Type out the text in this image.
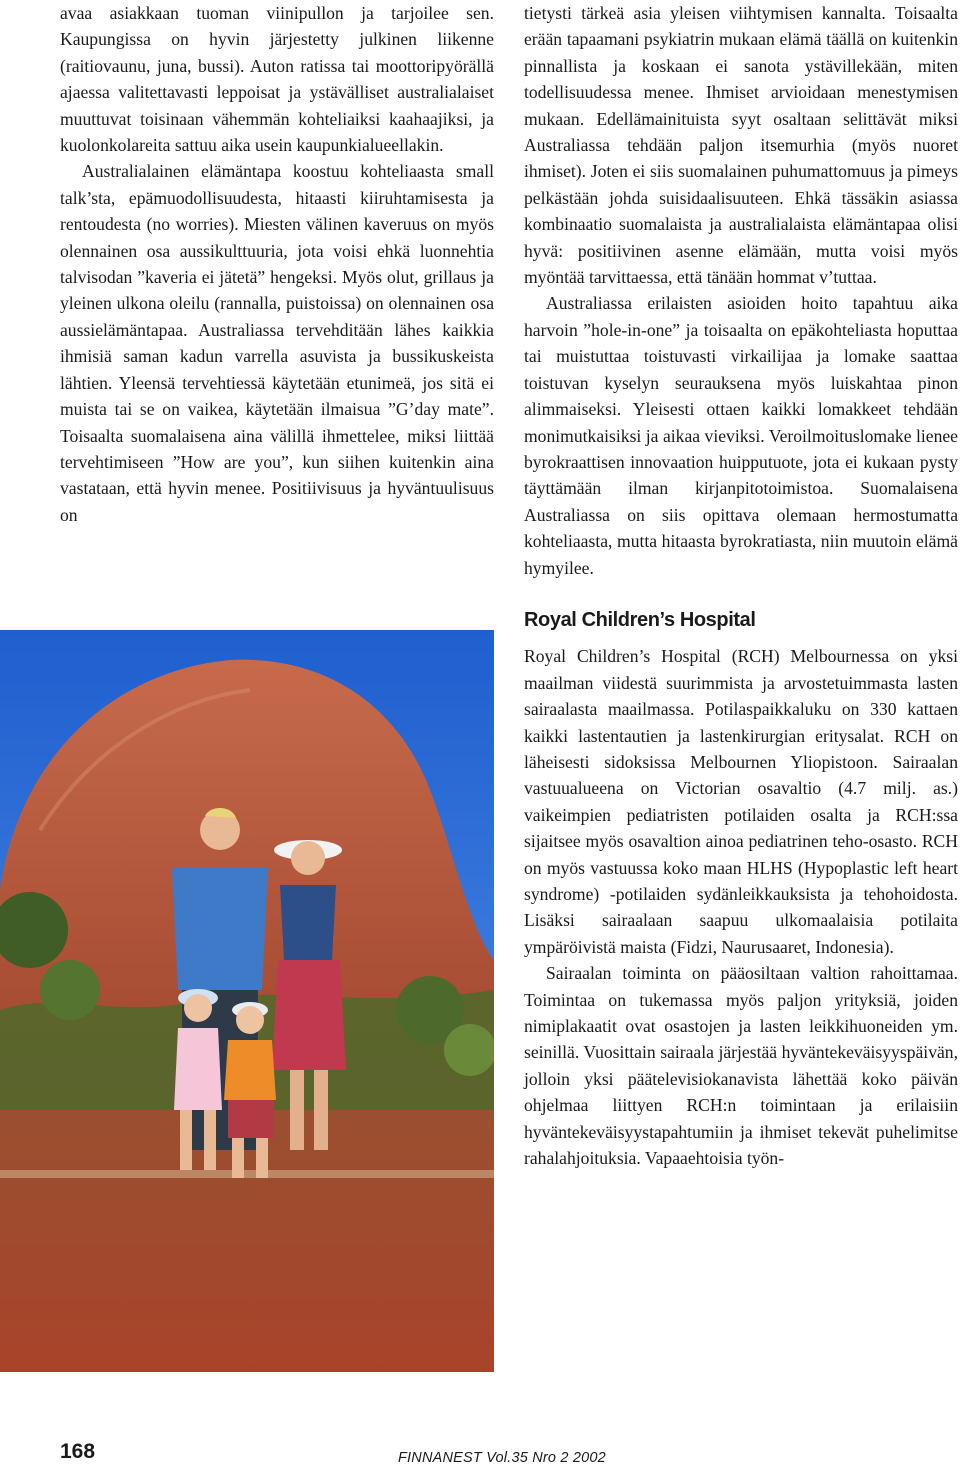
avaa asiakkaan tuoman viinipullon ja tarjoilee sen. Kaupungissa on hyvin järjestetty julkinen liikenne (raitiovaunu, juna, bussi). Auton ratissa tai moottoripyörällä ajaessa valitettavasti leppoisat ja ystävälliset australialaiset muuttuvat toisinaan vähemmän kohteliaiksi kaahaajiksi, ja kuolonkolareita sattuu aika usein kaupunkialueellakin.

Australialainen elämäntapa koostuu kohteliaasta small talk’sta, epämuodollisuudesta, hitaasti kiiruhtamisesta ja rentoudesta (no worries). Miesten välinen kaveruus on myös olennainen osa aussikulttuuria, jota voisi ehkä luonnehtia talvisodan ”kaveria ei jätetä” hengeksi. Myös olut, grillaus ja yleinen ulkona oleilu (rannalla, puistoissa) on olennainen osa aussielämäntapaa. Australiassa tervehditään lähes kaikkia ihmisiä saman kadun varrella asuvista ja bussikuskeista lähtien. Yleensä tervehtiessä käytetään etunimeä, jos sitä ei muista tai se on vaikea, käytetään ilmaisua ”G’day mate”. Toisaalta suomalaisena aina välillä ihmettelee, miksi liittää tervehtimiseen ”How are you”, kun siihen kuitenkin aina vastataan, että hyvin menee. Positiivisuus ja hyväntuulisuus on

tietysti tärkeä asia yleisen viihtymisen kannalta. Toisaalta erään tapaamani psykiatrin mukaan elämä täällä on kuitenkin pinnallista ja koskaan ei sanota ystävillekään, miten todellisuudessa menee. Ihmiset arvioidaan menestymisen mukaan. Edellämainituista syyt osaltaan selittävät miksi Australiassa tehdään paljon itsemurhia (myös nuoret ihmiset). Joten ei siis suomalainen puhumattomuus ja pimeys pelkästään johda suisidaalisuuteen. Ehkä tässäkin asiassa kombinaatio suomalaista ja australialaista elämäntapaa olisi hyvä: positiivinen asenne elämään, mutta voisi myös myöntää tarvittaessa, että tänään hommat v’tuttaa.

Australiassa erilaisten asioiden hoito tapahtuu aika harvoin ”hole-in-one” ja toisaalta on epäkohteliasta hoputtaa tai muistuttaa toistuvasti virkailijaa ja lomake saattaa toistuvan kyselyn seurauksena myös luiskahtaa pinon alimmaiseksi. Yleisesti ottaen kaikki lomakkeet tehdään monimutkaisiksi ja aikaa vieviksi. Veroilmoituslomake lienee byrokraattisen innovaation huipputuote, jota ei kukaan pysty täyttämään ilman kirjanpitotoimistoa. Suomalaisena Australiassa on siis opittava olemaan hermostumatta kohteliaasta, mutta hitaasta byrokratiasta, niin muutoin elämä hymyilee.

Royal Children’s Hospital

Royal Children’s Hospital (RCH) Melbournessa on yksi maailman viidestä suurimmista ja arvostetuimmasta lasten sairaalasta maailmassa. Potilaspaikkaluku on 330 kattaen kaikki lastentautien ja lastenkirurgian eritysalat. RCH on läheisesti sidoksissa Melbournen Yliopistoon. Sairaalan vastuualueena on Victorian osavaltio (4.7 milj. as.) vaikeimpien pediatristen potilaiden osalta ja RCH:ssa sijaitsee myös osavaltion ainoa pediatrinen teho-osasto. RCH on myös vastuussa koko maan HLHS (Hypoplastic left heart syndrome) -potilaiden sydänleikkauksista ja tehohoidosta. Lisäksi sairaalaan saapuu ulkomaalaisia potilaita ympäröivistä maista (Fidzi, Naurusaaret, Indonesia).

Sairaalan toiminta on pääosiltaan valtion rahoittamaa. Toimintaa on tukemassa myös paljon yrityksiä, joiden nimiplakaatit ovat osastojen ja lasten leikkihuoneiden ym. seinillä. Vuosittain sairaala järjestää hyväntekeväisyyspäivän, jolloin yksi päätelevisiokanavista lähettää koko päivän ohjelmaa liittyen RCH:n toimintaan ja erilaisiin hyväntekeväisyystapahtumiin ja ihmiset tekevät puhelimitse rahalahjoituksia. Vapaaehtoisia työn-

168	FINNANEST Vol.35 Nro 2 2002
